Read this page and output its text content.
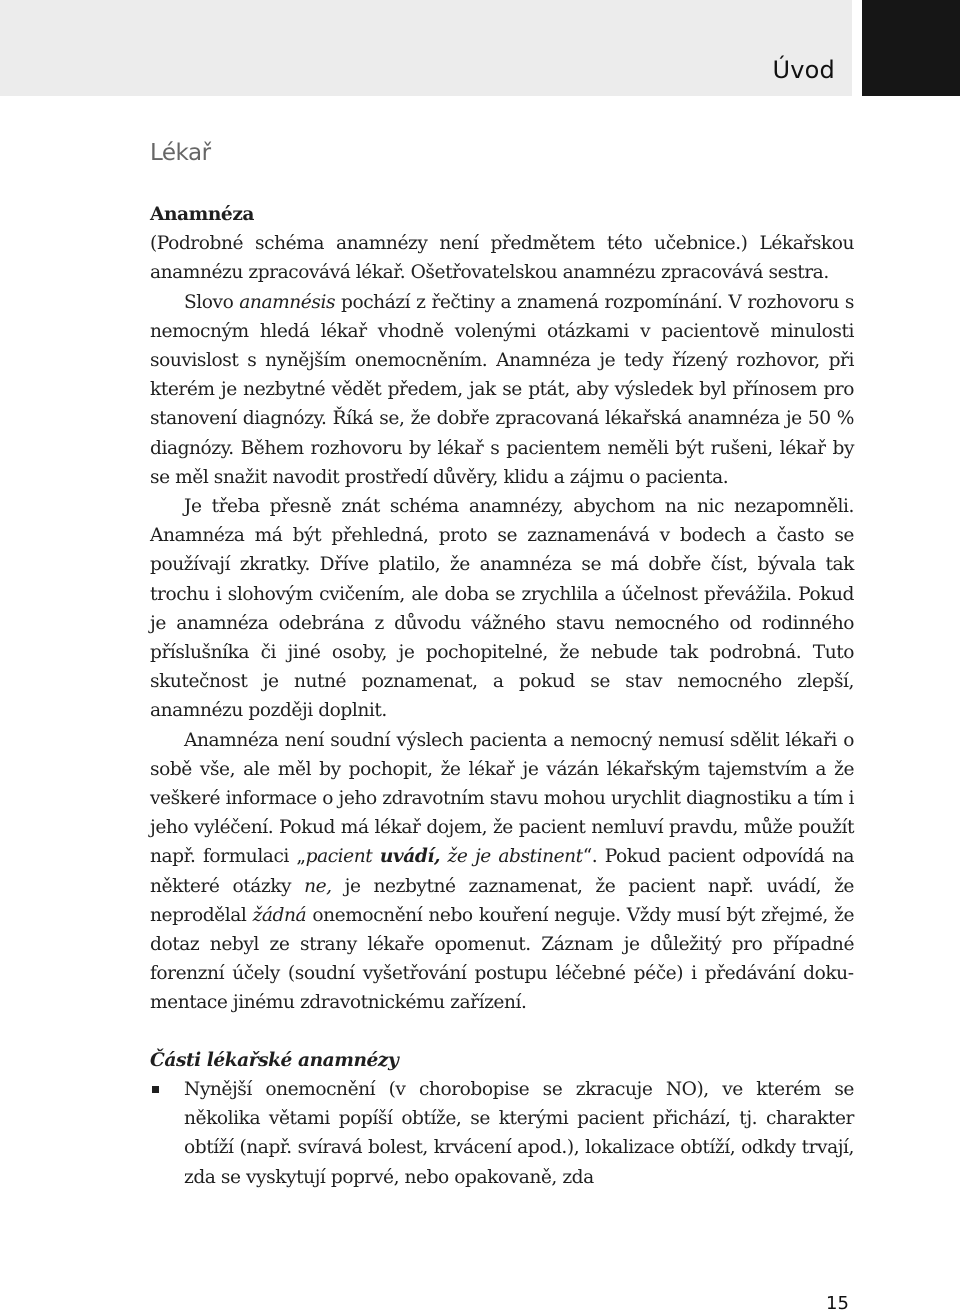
Úvod
Lékař

Anamnéza

(Podrobné schéma anamnézy není předmětem této učebnice.) Lékařskou anamnézu zpracovává lékař. Ošetřovatelskou anamnézu zpracovává sestra.

Slovo anamnésis pochází z řečtiny a znamená rozpomínání. V rozhovoru s nemocným hledá lékař vhodně volenými otázkami v pacientově minulosti souvislost s nynějším onemocněním. Anamnéza je tedy řízený rozhovor, při kterém je nezbytné vědět předem, jak se ptát, aby výsledek byl přínosem pro stanovení diagnózy. Říká se, že dobře zpracovaná lékařská anamnéza je 50 % diagnózy. Během rozhovoru by lékař s pacientem neměli být rušeni, lékař by se měl snažit navodit prostředí důvěry, klidu a zájmu o pacienta.

Je třeba přesně znát schéma anamnézy, abychom na nic nezapomněli. Anamnéza má být přehledná, proto se zaznamenává v bodech a často se používají zkratky. Dříve platilo, že anamnéza se má dobře číst, bývala tak trochu i slohovým cvičením, ale doba se zrychlila a účelnost převážila. Pokud je anamnéza odebrána z důvodu vážného stavu nemocného od rodinného příslušníka či jiné osoby, je pochopitelné, že nebude tak podrobná. Tuto skutečnost je nutné poznamenat, a pokud se stav nemocného zlepší, anamnézu později doplnit.

Anamnéza není soudní výslech pacienta a nemocný nemusí sdělit lékaři o sobě vše, ale měl by pochopit, že lékař je vázán lékařským tajemstvím a že veškeré informace o jeho zdravotním stavu mohou urychlit diagnostiku a tím i jeho vyléčení. Pokud má lékař dojem, že pacient nemluví pravdu, může použít např. formulaci „pacient uvádí, že je abstinent“. Pokud pacient odpovídá na některé otázky ne, je nezbytné zaznamenat, že pacient např. uvádí, že neprodělal žádná onemocnění nebo kouření neguje. Vždy musí být zřejmé, že dotaz nebyl ze strany lékaře opomenut. Záznam je důležitý pro případné forenzní účely (soudní vyšetřování postupu léčebné péče) i předávání dokumentace jinému zdravotnickému zařízení.

Části lékařské anamnézy

Nynější onemocnění (v chorobopise se zkracuje NO), ve kterém se několika větami popíší obtíže, se kterými pacient přichází, tj. charakter obtíží (např. svíravá bolest, krvácení apod.), lokalizace obtíží, odkdy trvají, zda se vyskytují poprvé, nebo opakovaně, zda
15
